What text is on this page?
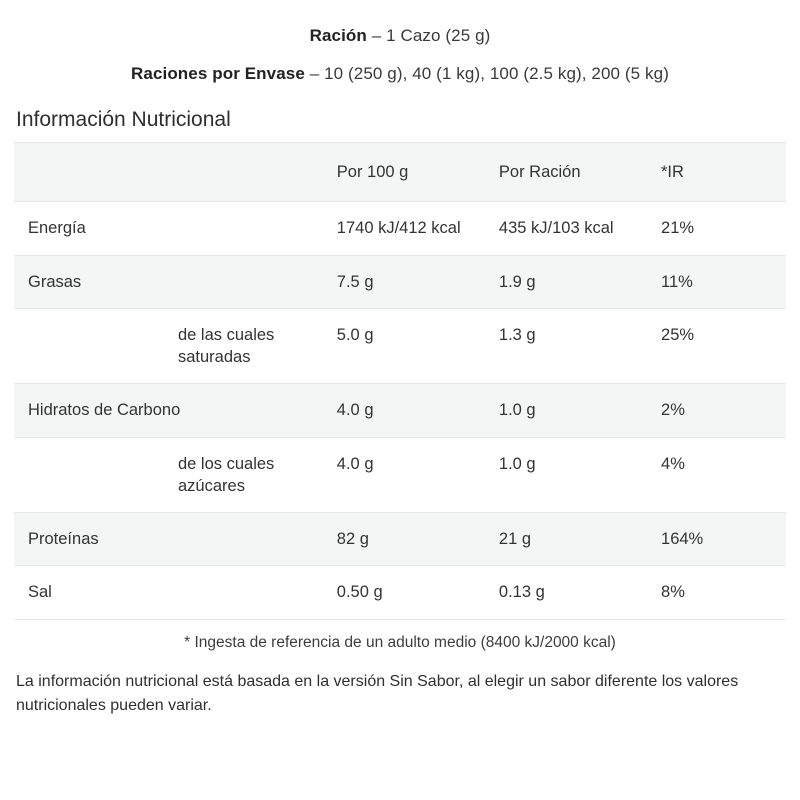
Ración – 1 Cazo (25 g)

Raciones por Envase – 10 (250 g), 40 (1 kg), 100 (2.5 kg), 200 (5 kg)

Información Nutricional
	Por 100 g	Por Ración	*IR
Energía	1740 kJ/412 kcal	435 kJ/103 kcal	21%
Grasas	7.5 g	1.9 g	11%
de las cuales saturadas	5.0 g	1.3 g	25%
Hidratos de Carbono	4.0 g	1.0 g	2%
de los cuales azúcares	4.0 g	1.0 g	4%
Proteínas	82 g	21 g	164%
Sal	0.50 g	0.13 g	8%

* Ingesta de referencia de un adulto medio (8400 kJ/2000 kcal)

La información nutricional está basada en la versión Sin Sabor, al elegir un sabor diferente los valores nutricionales pueden variar.
